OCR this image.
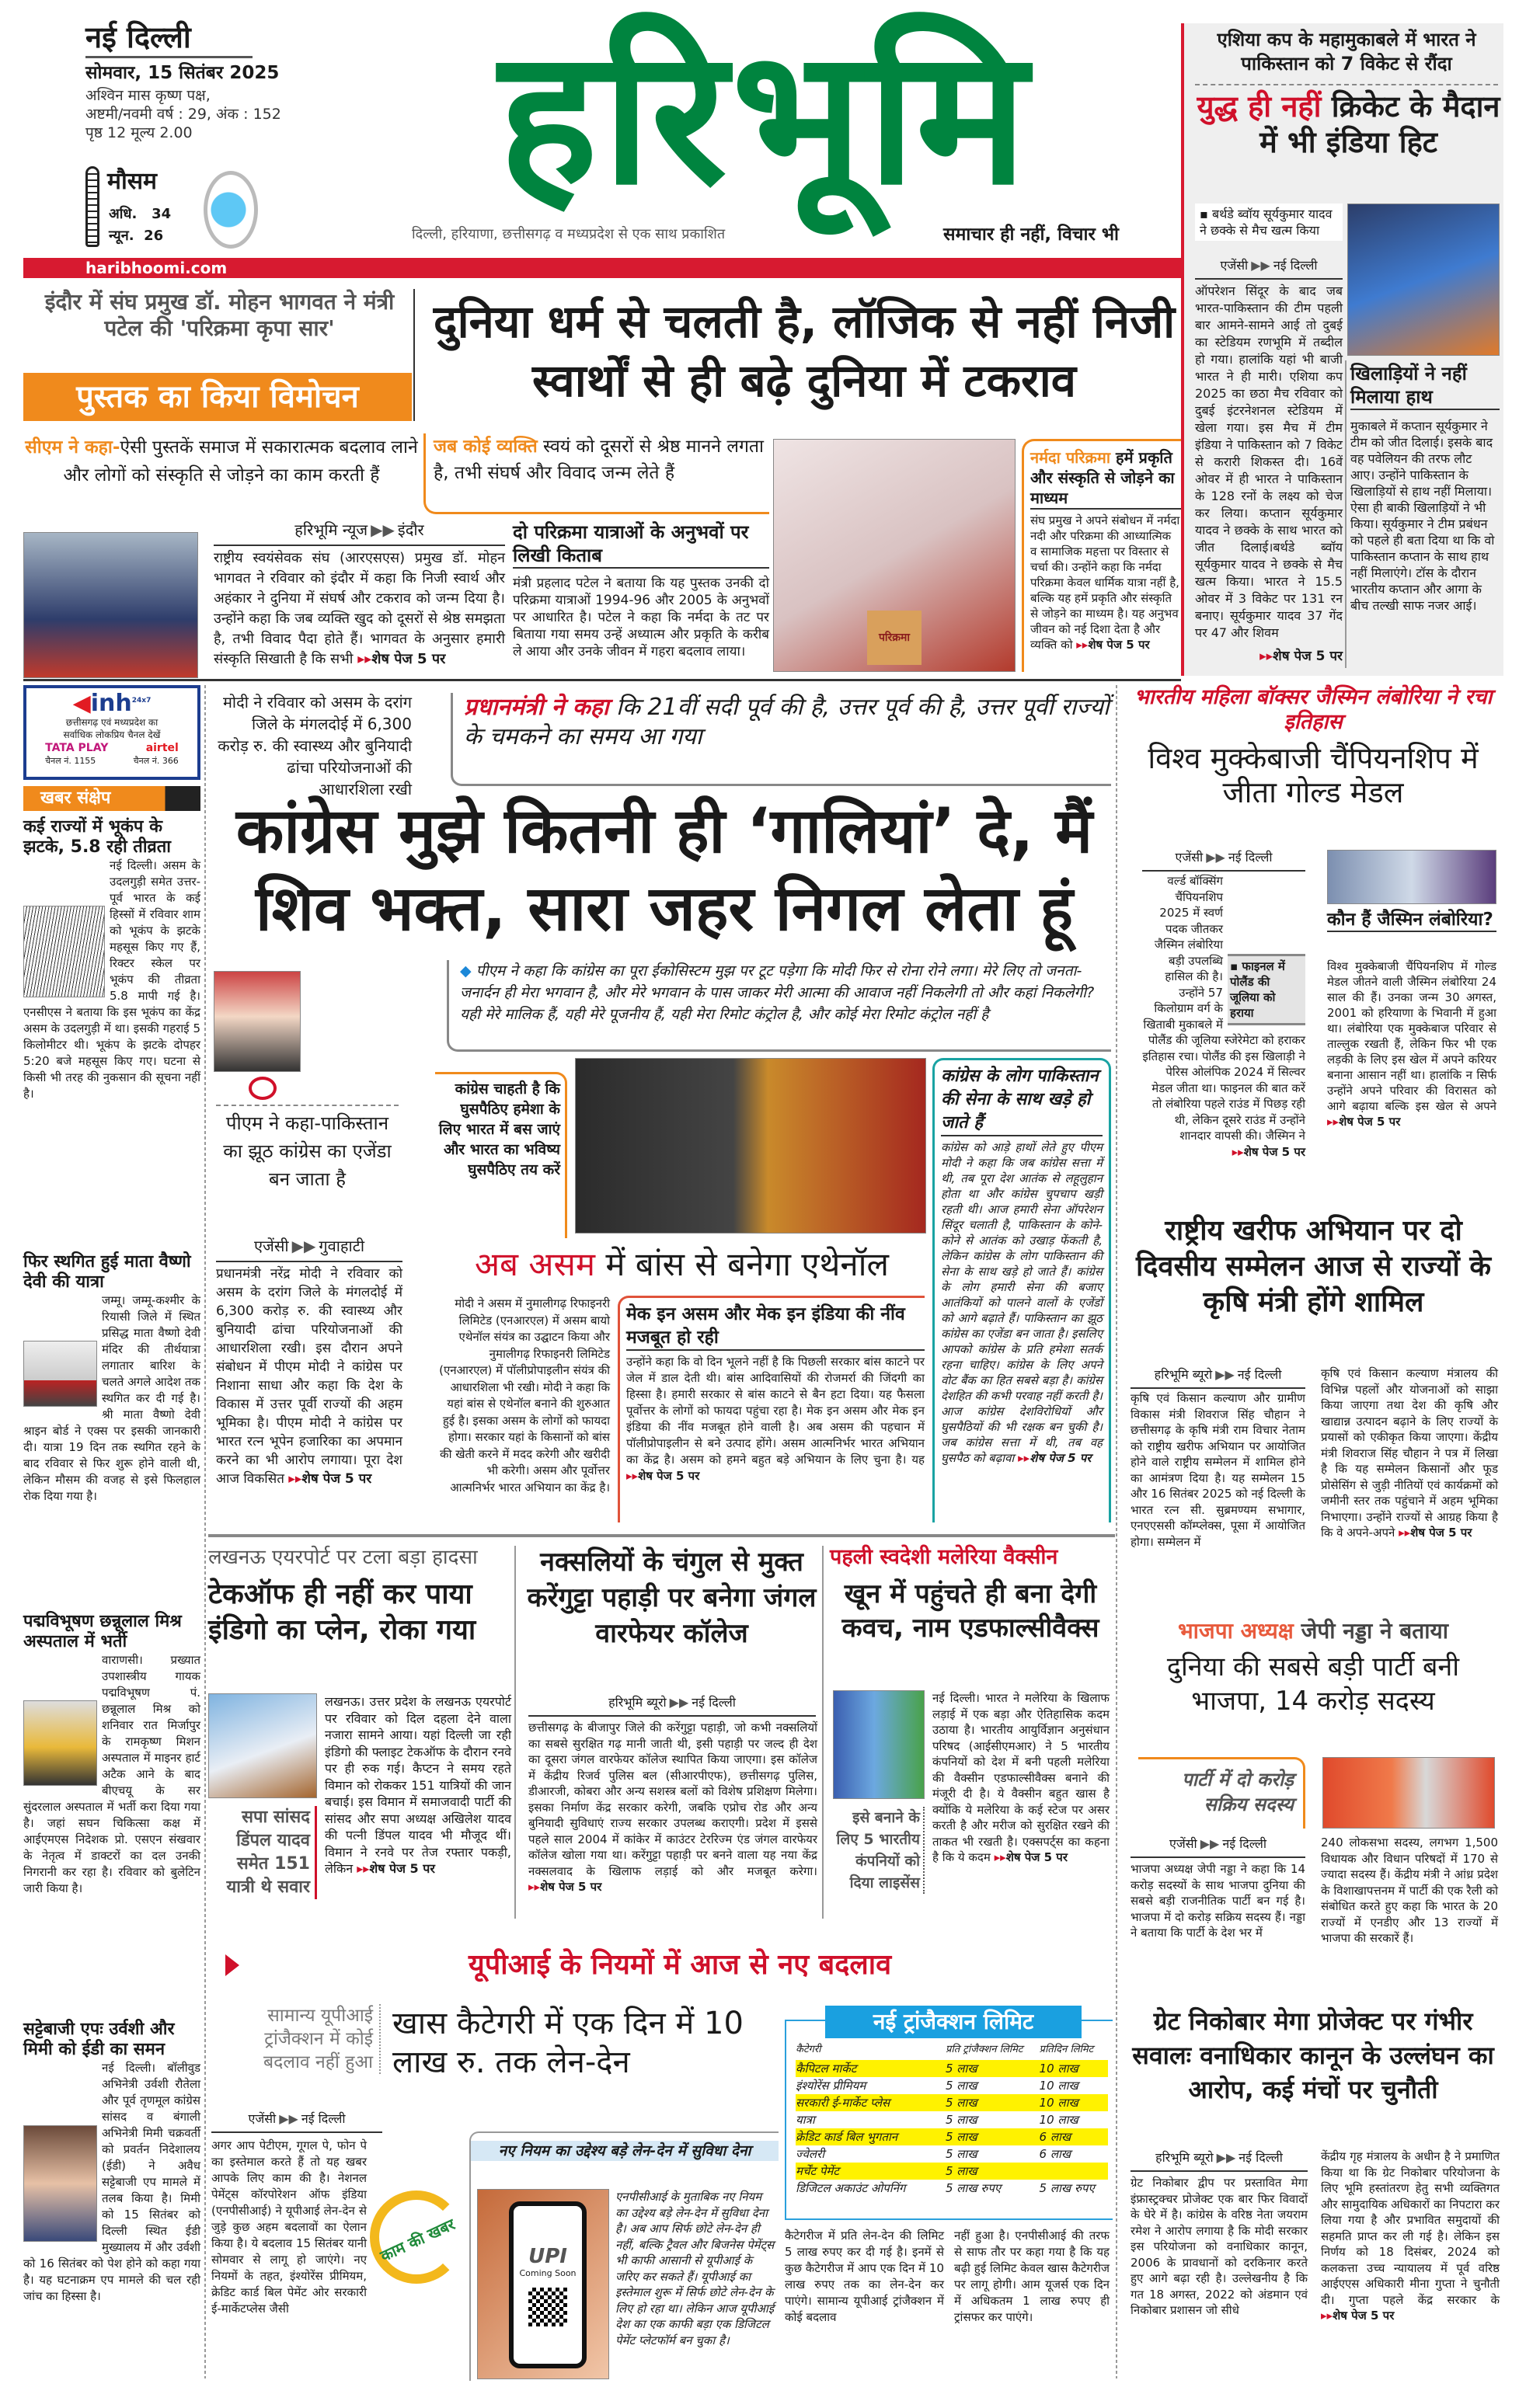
नई दिल्ली
सोमवार, 15 सितंबर 2025
अश्विन मास कृष्ण पक्ष,
अष्टमी/नवमी वर्ष : 29, अंक : 152
पृष्ठ 12 मूल्य 2.00
मौसम
अधि. 34
न्यून. 26
हरिभूमि
दिल्ली, हरियाणा, छत्तीसगढ़ व मध्यप्रदेश से एक साथ प्रकाशित	समाचार ही नहीं, विचार भी
haribhoomi.com
एशिया कप के महामुकाबले में भारत ने पाकिस्तान को 7 विकेट से रौंदा
युद्ध ही नहीं क्रिकेट के मैदान में भी इंडिया हिट
▪ बर्थडे ब्वॉय सूर्यकुमार यादव ने छक्के से मैच खत्म किया
एजेंसी ▶▶ नई दिल्ली
ऑपरेशन सिंदूर के बाद जब भारत-पाकिस्तान की टीम पहली बार आमने-सामने आई तो दुबई का स्टेडियम रणभूमि में तब्दील हो गया। हालांकि यहां भी बाजी भारत ने ही मारी। एशिया कप 2025 का छठा मैच रविवार को दुबई इंटरनेशनल स्टेडियम में खेला गया। इस मैच में टीम इंडिया ने पाकिस्तान को 7 विकेट से करारी शिकस्त दी। 16वें ओवर में ही भारत ने पाकिस्तान के 128 रनों के लक्ष्य को चेज कर लिया। कप्तान सूर्यकुमार यादव ने छक्के के साथ भारत को जीत दिलाई।बर्थडे ब्वॉय सूर्यकुमार यादव ने छक्के से मैच खत्म किया। भारत ने 15.5 ओवर में 3 विकेट पर 131 रन बनाए। सूर्यकुमार यादव 37 गेंद पर 47 और शिवम
▸▸ शेष पेज 5 पर
खिलाड़ियों ने नहीं मिलाया हाथ
मुकाबले में कप्तान सूर्यकुमार ने टीम को जीत दिलाई। इसके बाद वह पवेलियन की तरफ लौट आए। उन्होंने पाकिस्तान के खिलाड़ियों से हाथ नहीं मिलाया। ऐसा ही बाकी खिलाड़ियों ने भी किया। सूर्यकुमार ने टीम प्रबंधन को पहले ही बता दिया था कि वो पाकिस्तान कप्तान के साथ हाथ नहीं मिलाएंगे। टॉस के दौरान भारतीय कप्तान और आगा के बीच तल्खी साफ नजर आई।
इंदौर में संघ प्रमुख डॉ. मोहन भागवत ने मंत्री पटेल की 'परिक्रमा कृपा सार'
पुस्तक का किया विमोचन
दुनिया धर्म से चलती है, लॉजिक से नहीं निजी स्वार्थों से ही बढ़े दुनिया में टकराव
सीएम ने कहा-ऐसी पुस्तकें समाज में सकारात्मक बदलाव लाने और लोगों को संस्कृति से जोड़ने का काम करती हैं
जब कोई व्यक्ति स्वयं को दूसरों से श्रेष्ठ मानने लगता है, तभी संघर्ष और विवाद जन्म लेते हैं
हरिभूमि न्यूज ▶▶ इंदौर
राष्ट्रीय स्वयंसेवक संघ (आरएसएस) प्रमुख डॉ. मोहन भागवत ने रविवार को इंदौर में कहा कि निजी स्वार्थ और अहंकार ने दुनिया में संघर्ष और टकराव को जन्म दिया है। उन्होंने कहा कि जब व्यक्ति खुद को दूसरों से श्रेष्ठ समझता है, तभी विवाद पैदा होते हैं। भागवत के अनुसार हमारी संस्कृति सिखाती है कि सभी ▸▸ शेष पेज 5 पर
दो परिक्रमा यात्राओं के अनुभवों पर लिखी किताब
मंत्री प्रहलाद पटेल ने बताया कि यह पुस्तक उनकी दो परिक्रमा यात्राओं 1994-96 और 2005 के अनुभवों पर आधारित है। पटेल ने कहा कि नर्मदा के तट पर बिताया गया समय उन्हें अध्यात्म और प्रकृति के करीब ले आया और उनके जीवन में गहरा बदलाव लाया।
परिक्रमा
नर्मदा परिक्रमा हमें प्रकृति और संस्कृति से जोड़ने का माध्यम
संघ प्रमुख ने अपने संबोधन में नर्मदा नदी और परिक्रमा की आध्यात्मिक व सामाजिक महत्ता पर विस्तार से चर्चा की। उन्होंने कहा कि नर्मदा परिक्रमा केवल धार्मिक यात्रा नहीं है, बल्कि यह हमें प्रकृति और संस्कृति से जोड़ने का माध्यम है। यह अनुभव जीवन को नई दिशा देता है और व्यक्ति को ▸▸ शेष पेज 5 पर
◀inh$^{24x7}$
छत्तीसगढ़ एवं मध्यप्रदेश का
सर्वाधिक लोकप्रिय चैनल देखें
TATA PLAY	airtel
चैनल नं. 1155	चैनल नं. 366
खबर संक्षेप
कई राज्यों में भूकंप के झटके, 5.8 रही तीव्रता
नई दिल्ली। असम के उदलगुड़ी समेत उत्तर-पूर्व भारत के कई हिस्सों में रविवार शाम को भूकंप के झटके महसूस किए गए हैं, रिक्टर स्केल पर भूकंप की तीव्रता 5.8 मापी गई है। एनसीएस ने बताया कि इस भूकंप का केंद्र असम के उदलगुड़ी में था। इसकी गहराई 5 किलोमीटर थी। भूकंप के झटके दोपहर 5:20 बजे महसूस किए गए। घटना से किसी भी तरह की नुकसान की सूचना नहीं है।
फिर स्थगित हुई माता वैष्णो देवी की यात्रा
जम्मू। जम्मू-कश्मीर के रियासी जिले में स्थित प्रसिद्ध माता वैष्णो देवी मंदिर की तीर्थयात्रा लगातार बारिश के चलते अगले आदेश तक स्थगित कर दी गई है। श्री माता वैष्णो देवी श्राइन बोर्ड ने एक्स पर इसकी जानकारी दी। यात्रा 19 दिन तक स्थगित रहने के बाद रविवार से फिर शुरू होने वाली थी, लेकिन मौसम की वजह से इसे फिलहाल रोक दिया गया है।
पद्मविभूषण छन्नूलाल मिश्र अस्पताल में भर्ती
वाराणसी। प्रख्यात उपशास्त्रीय गायक पद्मविभूषण पं. छन्नूलाल मिश्र को शनिवार रात मिर्जापुर के रामकृष्ण मिशन अस्पताल में माइनर हार्ट अटैक आने के बाद बीएचयू के सर सुंदरलाल अस्पताल में भर्ती करा दिया गया है। जहां सघन चिकित्सा कक्ष में आईएमएस निदेशक प्रो. एसएन संखवार के नेतृत्व में डाक्टरों का दल उनकी निगरानी कर रहा है। रविवार को बुलेटिन जारी किया है।
सट्टेबाजी एपः उर्वशी और मिमी को ईडी का समन
नई दिल्ली। बॉलीवुड अभिनेत्री उर्वशी रौतेला और पूर्व तृणमूल कांग्रेस सांसद व बंगाली अभिनेत्री मिमी चक्रवर्ती को प्रवर्तन निदेशालय (ईडी) ने अवैध सट्टेबाजी एप मामले में तलब किया है। मिमी को 15 सितंबर को दिल्ली स्थित ईडी मुख्यालय में और उर्वशी को 16 सितंबर को पेश होने को कहा गया है। यह घटनाक्रम एप मामले की चल रही जांच का हिस्सा है।
मोदी ने रविवार को असम के दरांग जिले के मंगलदोई में 6,300 करोड़ रु. की स्वास्थ्य और बुनियादी ढांचा परियोजनाओं की आधारशिला रखी
प्रधानमंत्री ने कहा कि 21वीं सदी पूर्व की है, उत्तर पूर्व की है, उत्तर पूर्वी राज्यों के चमकने का समय आ गया
कांग्रेस मुझे कितनी ही ‘गालियां’ दे, मैं शिव भक्त, सारा जहर निगल लेता हूं
पीएम ने कहा-पाकिस्तान का झूठ कांग्रेस का एजेंडा बन जाता है
एजेंसी ▶▶ गुवाहाटी
प्रधानमंत्री नरेंद्र मोदी ने रविवार को असम के दरांग जिले के मंगलदोई में 6,300 करोड़ रु. की स्वास्थ्य और बुनियादी ढांचा परियोजनाओं की आधारशिला रखी। इस दौरान अपने संबोधन में पीएम मोदी ने कांग्रेस पर निशाना साधा और कहा कि देश के विकास में उत्तर पूर्वी राज्यों की अहम भूमिका है। पीएम मोदी ने कांग्रेस पर भारत रत्न भूपेन हजारिका का अपमान करने का भी आरोप लगाया। पूरा देश आज विकसित ▸▸ शेष पेज 5 पर
◆ पीएम ने कहा कि कांग्रेस का पूरा ईकोसिस्टम मुझ पर टूट पड़ेगा कि मोदी फिर से रोना रोने लगा। मेरे लिए तो जनता-जनार्दन ही मेरा भगवान है, और मेरे भगवान के पास जाकर मेरी आत्मा की आवाज नहीं निकलेगी तो और कहां निकलेगी? यही मेरे मालिक हैं, यही मेरे पूजनीय हैं, यही मेरा रिमोट कंट्रोल है, और कोई मेरा रिमोट कंट्रोल नहीं है
कांग्रेस चाहती है कि घुसपैठिए हमेशा के लिए भारत में बस जाएं और भारत का भविष्य घुसपैठिए तय करें
अब असम में बांस से बनेगा एथेनॉल
मोदी ने असम में नुमालीगढ़ रिफाइनरी लिमिटेड (एनआरएल) में असम बायो एथेनॉल संयंत्र का उद्घाटन किया और नुमालीगढ़ रिफाइनरी लिमिटेड (एनआरएल) में पॉलीप्रोपाइलीन संयंत्र की आधारशिला भी रखी। मोदी ने कहा कि यहां बांस से एथेनॉल बनाने की शुरुआत हुई है। इसका असम के लोगों को फायदा होगा। सरकार यहां के किसानों को बांस की खेती करने में मदद करेगी और खरीदी भी करेगी। असम और पूर्वोत्तर आत्मनिर्भर भारत अभियान का केंद्र है।
मेक इन असम और मेक इन इंडिया की नींव मजबूत हो रही
उन्होंने कहा कि वो दिन भूलने नहीं है कि पिछली सरकार बांस काटने पर जेल में डाल देती थी। बांस आदिवासियों की रोजमर्रा की जिंदगी का हिस्सा है। हमारी सरकार से बांस काटने से बैन हटा दिया। यह फैसला पूर्वोत्तर के लोगों को फायदा पहुंचा रहा है। मेक इन असम और मेक इन इंडिया की नींव मजबूत होने वाली है। अब असम की पहचान में पॉलीप्रोपाइलीन से बने उत्पाद होंगे। असम आत्मनिर्भर भारत अभियान का केंद्र है। असम को हमने बहुत बड़े अभियान के लिए चुना है। यह ▸▸ शेष पेज 5 पर
कांग्रेस के लोग पाकिस्तान की सेना के साथ खड़े हो जाते हैं
कांग्रेस को आड़े हाथों लेते हुए पीएम मोदी ने कहा कि जब कांग्रेस सत्ता में थी, तब पूरा देश आतंक से लहूलुहान होता था और कांग्रेस चुपचाप खड़ी रहती थी। आज हमारी सेना ऑपरेशन सिंदूर चलाती है, पाकिस्तान के कोने-कोने से आतंक को उखाड़ फेंकती है, लेकिन कांग्रेस के लोग पाकिस्तान की सेना के साथ खड़े हो जाते हैं। कांग्रेस के लोग हमारी सेना की बजाए आतंकियों को पालने वालों के एजेंडों को आगे बढ़ाते हैं। पाकिस्तान का झूठ कांग्रेस का एजेंडा बन जाता है। इसलिए आपको कांग्रेस के प्रति हमेशा सतर्क रहना चाहिए। कांग्रेस के लिए अपने वोट बैंक का हित सबसे बड़ा है। कांग्रेस देशहित की कभी परवाह नहीं करती है। आज कांग्रेस देशविरोधियों और घुसपैठियों की भी रक्षक बन चुकी है। जब कांग्रेस सत्ता में थी, तब वह घुसपैठ को बढ़ावा ▸▸ शेष पेज 5 पर
भारतीय महिला बॉक्सर जैस्मिन लंबोरिया ने रचा इतिहास
विश्व मुक्केबाजी चैंपियनशिप में जीता गोल्ड मेडल
एजेंसी ▶▶ नई दिल्ली
▪ फाइनल में पोलैंड की जूलिया को हराया
वर्ल्ड बॉक्सिंग चैंपियनशिप 2025 में स्वर्ण पदक जीतकर जैस्मिन लंबोरिया बड़ी उपलब्धि हासिल की है। उन्होंने 57 किलोग्राम वर्ग के खिताबी मुकाबले में पोलैंड की जूलिया स्जेरेमेटा को हराकर इतिहास रचा। पोलैंड की इस खिलाड़ी ने पेरिस ओलंपिक 2024 में सिल्वर मेडल जीता था। फाइनल की बात करें तो लंबोरिया पहले राउंड में पिछड़ रही थी, लेकिन दूसरे राउंड में उन्होंने शानदार वापसी की। जैस्मिन ने ▸▸ शेष पेज 5 पर
कौन हैं जैस्मिन लंबोरिया?
विश्व मुक्केबाजी चैंपियनशिप में गोल्ड मेडल जीतने वाली जैस्मिन लंबोरिया 24 साल की हैं। उनका जन्म 30 अगस्त, 2001 को हरियाणा के भिवानी में हुआ था। लंबोरिया एक मुक्केबाज परिवार से ताल्लुक रखती हैं, लेकिन फिर भी एक लड़की के लिए इस खेल में अपने करियर बनाना आसान नहीं था। हालांकि न सिर्फ उन्होंने अपने परिवार की विरासत को आगे बढ़ाया बल्कि इस खेल से अपने ▸▸ शेष पेज 5 पर
राष्ट्रीय खरीफ अभियान पर दो दिवसीय सम्मेलन आज से राज्यों के कृषि मंत्री होंगे शामिल
हरिभूमि ब्यूरो ▶▶ नई दिल्ली
कृषि एवं किसान कल्याण और ग्रामीण विकास मंत्री शिवराज सिंह चौहान ने छत्तीसगढ़ के कृषि मंत्री राम विचार नेताम को राष्ट्रीय खरीफ अभियान पर आयोजित होने वाले राष्ट्रीय सम्मेलन में शामिल होने का आमंत्रण दिया है। यह सम्मेलन 15 और 16 सितंबर 2025 को नई दिल्ली के भारत रत्न सी. सुब्रमण्यम सभागार, एनएएससी कॉम्प्लेक्स, पूसा में आयोजित होगा। सम्मेलन में
कृषि एवं किसान कल्याण मंत्रालय की विभिन्न पहलों और योजनाओं को साझा किया जाएगा तथा देश की कृषि और खाद्यान्न उत्पादन बढ़ाने के लिए राज्यों के प्रयासों को एकीकृत किया जाएगा। केंद्रीय मंत्री शिवराज सिंह चौहान ने पत्र में लिखा है कि यह सम्मेलन किसानों और फूड प्रोसेसिंग से जुड़ी नीतियों एवं कार्यक्रमों को जमीनी स्तर तक पहुंचाने में अहम भूमिका निभाएगा। उन्होंने राज्यों से आग्रह किया है कि वे अपने-अपने ▸▸ शेष पेज 5 पर
लखनऊ एयरपोर्ट पर टला बड़ा हादसा
टेकऑफ ही नहीं कर पाया इंडिगो का प्लेन, रोका गया
सपा सांसद डिंपल यादव समेत 151 यात्री थे सवार
लखनऊ। उत्तर प्रदेश के लखनऊ एयरपोर्ट पर रविवार को दिल दहला देने वाला नजारा सामने आया। यहां दिल्ली जा रही इंडिगो की फ्लाइट टेकऑफ के दौरान रनवे पर ही रुक गई। कैप्टन ने समय रहते विमान को रोककर 151 यात्रियों की जान बचाई। इस विमान में समाजवादी पार्टी की सांसद और सपा अध्यक्ष अखिलेश यादव की पत्नी डिंपल यादव भी मौजूद थीं। विमान ने रनवे पर तेज रफ्तार पकड़ी, लेकिन ▸▸ शेष पेज 5 पर
नक्सलियों के चंगुल से मुक्त करेंगुट्टा पहाड़ी पर बनेगा जंगल वारफेयर कॉलेज
हरिभूमि ब्यूरो ▶▶ नई दिल्ली
छत्तीसगढ़ के बीजापुर जिले की करेंगुट्टा पहाड़ी, जो कभी नक्सलियों का सबसे सुरक्षित गढ़ मानी जाती थी, इसी पहाड़ी पर जल्द ही देश का दूसरा जंगल वारफेयर कॉलेज स्थापित किया जाएगा। इस कॉलेज में केंद्रीय रिजर्व पुलिस बल (सीआरपीएफ), छत्तीसगढ़ पुलिस, डीआरजी, कोबरा और अन्य सशस्त्र बलों को विशेष प्रशिक्षण मिलेगा। इसका निर्माण केंद्र सरकार करेगी, जबकि एप्रोच रोड और अन्य बुनियादी सुविधाएं राज्य सरकार उपलब्ध कराएगी। प्रदेश में इससे पहले साल 2004 में कांकेर में काउंटर टेररिज्म एंड जंगल वारफेयर कॉलेज खोला गया था। करेंगुट्टा पहाड़ी पर बनने वाला यह नया केंद्र नक्सलवाद के खिलाफ लड़ाई को और मजबूत करेगा। ▸▸ शेष पेज 5 पर
पहली स्वदेशी मलेरिया वैक्सीन
खून में पहुंचते ही बना देगी कवच, नाम एडफाल्सीवैक्स
इसे बनाने के लिए 5 भारतीय कंपनियों को दिया लाइसेंस
नई दिल्ली। भारत ने मलेरिया के खिलाफ लड़ाई में एक बड़ा और ऐतिहासिक कदम उठाया है। भारतीय आयुर्विज्ञान अनुसंधान परिषद (आईसीएमआर) ने 5 भारतीय कंपनियों को देश में बनी पहली मलेरिया की वैक्सीन एडफाल्सीवैक्स बनाने की मंजूरी दी है। ये वैक्सीन बहुत खास है क्योंकि ये मलेरिया के कई स्टेज पर असर करती है और मरीज को सुरक्षित रखने की ताकत भी रखती है। एक्सपर्ट्स का कहना है कि ये कदम ▸▸ शेष पेज 5 पर
भाजपा अध्यक्ष जेपी नड्डा ने बताया
दुनिया की सबसे बड़ी पार्टी बनी भाजपा, 14 करोड़ सदस्य
पार्टी में दो करोड़ सक्रिय सदस्य
एजेंसी ▶▶ नई दिल्ली
भाजपा अध्यक्ष जेपी नड्डा ने कहा कि 14 करोड़ सदस्यों के साथ भाजपा दुनिया की सबसे बड़ी राजनीतिक पार्टी बन गई है। भाजपा में दो करोड़ सक्रिय सदस्य हैं। नड्डा ने बताया कि पार्टी के देश भर में
240 लोकसभा सदस्य, लगभग 1,500 विधायक और विधान परिषदों में 170 से ज्यादा सदस्य हैं। केंद्रीय मंत्री ने आंध्र प्रदेश के विशाखापत्तनम में पार्टी की एक रैली को संबोधित करते हुए कहा कि भारत के 20 राज्यों में एनडीए और 13 राज्यों में भाजपा की सरकारें हैं।
यूपीआई के नियमों में आज से नए बदलाव
सामान्य यूपीआई ट्रांजैक्शन में कोई बदलाव नहीं हुआ
खास कैटेगरी में एक दिन में 10 लाख रु. तक लेन-देन
एजेंसी ▶▶ नई दिल्ली
अगर आप पेटीएम, गूगल पे, फोन पे का इस्तेमाल करते हैं तो यह खबर आपके लिए काम की है। नेशनल पेमेंट्स कॉरपोरेशन ऑफ इंडिया (एनपीसीआई) ने यूपीआई लेन-देन से जुड़े कुछ अहम बदलावों का ऐलान किया है। ये बदलाव 15 सितंबर यानी सोमवार से लागू हो जाएंगे। नए नियमों के तहत, इंश्योरेंस प्रीमियम, क्रेडिट कार्ड बिल पेमेंट ओर सरकारी ई-मार्केटप्लेस जैसी
काम की खबर
नए नियम का उद्देश्य बड़े लेन-देन में सुविधा देना
UPI
Coming Soon
एनपीसीआई के मुताबिक नए नियम का उद्देश्य बड़े लेन-देन में सुविधा देना है। अब आप सिर्फ छोटे लेन-देन ही नहीं, बल्कि ट्रैवल और बिजनेस पेमेंट्स भी काफी आसानी से यूपीआई के जरिए कर सकते हैं। यूपीआई का इस्तेमाल शुरू में सिर्फ छोटे लेन-देन के लिए हो रहा था। लेकिन आज यूपीआई देश का एक काफी बड़ा एक डिजिटल पेमेंट प्लेटफॉर्म बन चुका है।
नई ट्रांजैक्शन लिमिट
कैटेगरी	प्रति ट्रांजैक्शन लिमिट	प्रतिदिन लिमिट
कैपिटल मार्केट	5 लाख	10 लाख
इंश्योरेंस प्रीमियम	5 लाख	10 लाख
सरकारी ई-मार्केट प्लेस	5 लाख	10 लाख
यात्रा	5 लाख	10 लाख
क्रेडिट कार्ड बिल भुगतान	5 लाख	6 लाख
ज्वेलरी	5 लाख	6 लाख
मर्चेंट पेमेंट	5 लाख	
डिजिटल अकाउंट ओपनिंग	5 लाख रुपए	5 लाख रुपए
कैटेगरीज में प्रति लेन-देन की लिमिट 5 लाख रुपए कर दी गई है। इनमें से कुछ कैटेगरीज में आप एक दिन में 10 लाख रुपए तक का लेन-देन कर पाएंगे। सामान्य यूपीआई ट्रांजैक्शन में कोई बदलाव
नहीं हुआ है। एनपीसीआई की तरफ से साफ तौर पर कहा गया है कि यह बढ़ी हुई लिमिट केवल खास कैटेगरीज पर लागू होगी। आम यूजर्स एक दिन में अधिकतम 1 लाख रुपए ही ट्रांसफर कर पाएंगे।
ग्रेट निकोबार मेगा प्रोजेक्ट पर गंभीर सवालः वनाधिकार कानून के उल्लंघन का आरोप, कई मंचों पर चुनौती
हरिभूमि ब्यूरो ▶▶ नई दिल्ली
ग्रेट निकोबार द्वीप पर प्रस्तावित मेगा इंफ्रास्ट्रक्चर प्रोजेक्ट एक बार फिर विवादों के घेरे में है। कांग्रेस के वरिष्ठ नेता जयराम रमेश ने आरोप लगाया है कि मोदी सरकार इस परियोजना को वनाधिकार कानून, 2006 के प्रावधानों को दरकिनार करते हुए आगे बढ़ा रही है। उल्लेखनीय है कि गत 18 अगस्त, 2022 को अंडमान एवं निकोबार प्रशासन जो सीधे
केंद्रीय गृह मंत्रालय के अधीन है ने प्रमाणित किया था कि ग्रेट निकोबार परियोजना के लिए भूमि हस्तांतरण हेतु सभी व्यक्तिगत और सामुदायिक अधिकारों का निपटारा कर लिया गया है और प्रभावित समुदायों की सहमति प्राप्त कर ली गई है। लेकिन इस निर्णय को 18 दिसंबर, 2024 को कलकत्ता उच्च न्यायालय में पूर्व वरिष्ठ आईएएस अधिकारी मीना गुप्ता ने चुनौती दी। गुप्ता पहले केंद्र सरकार के ▸▸ शेष पेज 5 पर
